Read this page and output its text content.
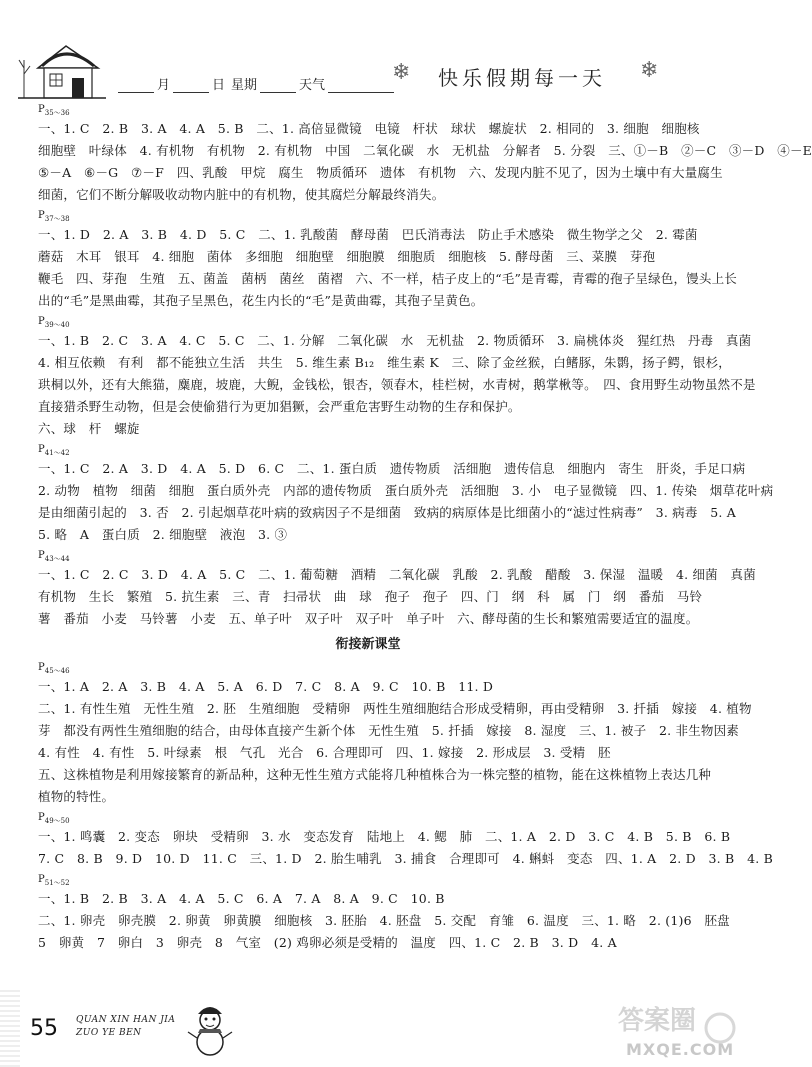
月	日 星期	天气
❄ 快乐假期每一天 ❄
$P_{35\sim 36}$
一、1. C　2. B　3. A　4. A　5. B　二、1. 高倍显微镜　电镜　杆状　球状　螺旋状　2. 相同的　3. 细胞　细胞核
细胞壁　叶绿体　4. 有机物　有机物　2. 有机物　中国　二氧化碳　水　无机盐　分解者　5. 分裂　三、①－B　②－C　③－D　④－E
⑤－A　⑥－G　⑦－F　四、乳酸　甲烷　腐生　物质循环　遗体　有机物　六、发现内脏不见了，因为土壤中有大量腐生
细菌，它们不断分解吸收动物内脏中的有机物，使其腐烂分解最终消失。
$P_{37\sim 38}$
一、1. D　2. A　3. B　4. D　5. C　二、1. 乳酸菌　酵母菌　巴氏消毒法　防止手术感染　微生物学之父　2. 霉菌
蘑菇　木耳　银耳　4. 细胞　菌体　多细胞　细胞壁　细胞膜　细胞质　细胞核　5. 酵母菌　三、菜膜　芽孢
鞭毛　四、芽孢　生殖　五、菌盖　菌柄　菌丝　菌褶　六、不一样，桔子皮上的“毛”是青霉，青霉的孢子呈绿色，馒头上长
出的“毛”是黑曲霉，其孢子呈黑色，花生内长的“毛”是黄曲霉，其孢子呈黄色。
$P_{39\sim 40}$
一、1. B　2. C　3. A　4. C　5. C　二、1. 分解　二氧化碳　水　无机盐　2. 物质循环　3. 扁桃体炎　猩红热　丹毒　真菌
4. 相互依赖　有利　都不能独立生活　共生　5. 维生素 B₁₂　维生素 K　三、除了金丝猴，白鳍豚，朱鹮，扬子鳄，银杉，
珙桐以外，还有大熊猫，麋鹿，坡鹿，大鲵，金钱松，银杏，领春木，桂栏树，水青树，鹅掌楸等。　四、食用野生动物虽然不是
直接猎杀野生动物，但是会使偷猎行为更加猖獗，会严重危害野生动物的生存和保护。
六、球　杆　螺旋
$P_{41\sim 42}$
一、1. C　2. A　3. D　4. A　5. D　6. C　二、1. 蛋白质　遗传物质　活细胞　遗传信息　细胞内　寄生　肝炎，手足口病
2. 动物　植物　细菌　细胞　蛋白质外壳　内部的遗传物质　蛋白质外壳　活细胞　3. 小　电子显微镜　四、1. 传染　烟草花叶病
是由细菌引起的　3. 否　2. 引起烟草花叶病的致病因子不是细菌　致病的病原体是比细菌小的“滤过性病毒”　3. 病毒　5. A
5. 略　A　蛋白质　2. 细胞壁　液泡　3. ③
$P_{43\sim 44}$
一、1. C　2. C　3. D　4. A　5. C　二、1. 葡萄糖　酒精　二氧化碳　乳酸　2. 乳酸　醋酸　3. 保湿　温暖　4. 细菌　真菌
有机物　生长　繁殖　5. 抗生素　三、青　扫帚状　曲　球　孢子　孢子　四、门　纲　科　属　门　纲　番茄　马铃
薯　番茄　小麦　马铃薯　小麦　五、单子叶　双子叶　双子叶　单子叶　六、酵母菌的生长和繁殖需要适宜的温度。
衔接新课堂
$P_{45\sim 46}$
一、1. A　2. A　3. B　4. A　5. A　6. D　7. C　8. A　9. C　10. B　11. D
二、1. 有性生殖　无性生殖　2. 胚　生殖细胞　受精卵　两性生殖细胞结合形成受精卵，再由受精卵　3. 扦插　嫁接　4. 植物
芽　都没有两性生殖细胞的结合，由母体直接产生新个体　无性生殖　5. 扦插　嫁接　8. 湿度　三、1. 被子　2. 非生物因素
4. 有性　4. 有性　5. 叶绿素　根　气孔　光合　6. 合理即可　四、1. 嫁接　2. 形成层　3. 受精　胚
五、这株植物是利用嫁接繁育的新品种，这种无性生殖方式能将几种植株合为一株完整的植物，能在这株植物上表达几种
植物的特性。
$P_{49\sim 50}$
一、1. 鸣囊　2. 变态　卵块　受精卵　3. 水　变态发育　陆地上　4. 鳃　肺　二、1. A　2. D　3. C　4. B　5. B　6. B
7. C　8. B　9. D　10. D　11. C　三、1. D　2. 胎生哺乳　3. 捕食　合理即可　4. 蝌蚪　变态　四、1. A　2. D　3. B　4. B
$P_{51\sim 52}$
一、1. B　2. B　3. A　4. A　5. C　6. A　7. A　8. A　9. C　10. B
二、1. 卵壳　卵壳膜　2. 卵黄　卵黄膜　细胞核　3. 胚胎　4. 胚盘　5. 交配　育雏　6. 温度　三、1. 略　2. (1)6　胚盘
5　卵黄　7　卵白　3　卵壳　8　气室　(2) 鸡卵必须是受精的　温度　四、1. C　2. B　3. D　4. A
55 QUAN XIN HAN JIA
ZUO YE BEN	答案圈
MXQE.COM
